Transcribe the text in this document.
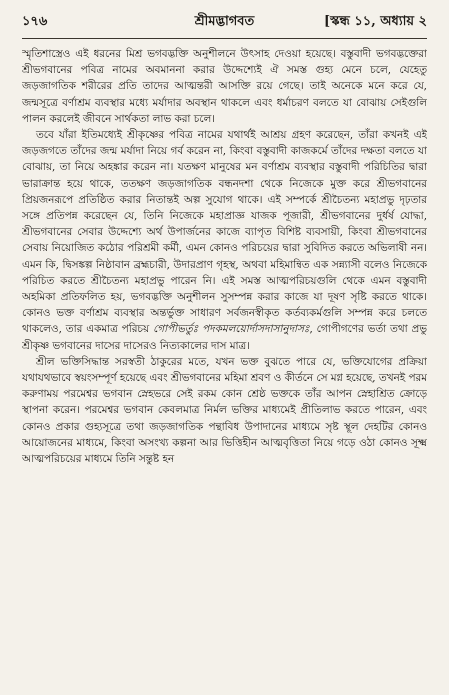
১৭৬	শ্রীমদ্ভাগবত	[স্কন্ধ ১১, অধ্যায় ২

স্মৃতিশাস্ত্রেও এই ধরনের মিশ্র ভগবদ্ভক্তি অনুশীলনে উৎসাহ দেওয়া হয়েছে। বস্তুবাদী ভগবদ্ভক্তেরা শ্রীভগবানের পবিত্র নামের অবমাননা করার উদ্দেশ্যেই ঐ সমস্ত গুহ্য মেনে চলে, যেহেতু জড়জাগতিক শরীরের প্রতি তাদের আত্মন্তরী আসক্তি রয়ে গেছে। তাই অনেকে মনে করে যে, জন্মসূত্রে বর্ণাশ্রম ব্যবস্থার মধ্যে মর্যাদার অবস্থান থাকলে এবং ধর্মাচরণ বলতে যা বোঝায় সেইগুলি পালন করলেই জীবনে সার্থকতা লাভ করা চলে।

তবে যাঁরা ইতিমধ্যেই শ্রীকৃষ্ণের পবিত্র নামের যথার্থই আশ্রয় গ্রহণ করেছেন, তাঁরা কখনই এই জড়জগতে তাঁদের জন্ম মর্যাদা নিয়ে গর্ব করেন না, কিংবা বস্তুবাদী কাজকর্মে তাঁদের দক্ষতা বলতে যা বোঝায়, তা নিয়ে অহঙ্কার করেন না। যতক্ষণ মানুষের মন বর্ণাশ্রম ব্যবস্থার বস্তুবাদী পরিচিতির দ্বারা ভারাক্রান্ত হয়ে থাকে, ততক্ষণ জড়জাগতিক বন্ধনদশা থেকে নিজেকে মুক্ত করে শ্রীভগবানের প্রিয়জনরূপে প্রতিষ্ঠিত করার নিতান্তই অল্প সুযোগ থাকে। এই সম্পর্কে শ্রীচৈতন্য মহাপ্রভু দৃঢ়তার সঙ্গে প্রতিপন্ন করেছেন যে, তিনি নিজেকে মহাপ্রাজ্ঞ যাজক পূজারী, শ্রীভগবানের দুর্ধর্ষ যোদ্ধা, শ্রীভগবানের সেবার উদ্দেশ্যে অর্থ উপার্জনের কাজে ব্যাপৃত বিশিষ্ট ব্যবসায়ী, কিংবা শ্রীভগবানের সেবায় নিয়োজিত কঠোর পরিশ্রমী কর্মী, এমন কোনও পরিচয়ের দ্বারা সুবিদিত করতে অভিলাষী নন। এমন কি, দ্বিসঙ্কল্প নিষ্ঠাবান ব্রহ্মচারী, উদারপ্রাণ গৃহস্থ, অথবা মহিমান্বিত এক সন্ন্যাসী বলেও নিজেকে পরিচিত করতে শ্রীচৈতন্য মহাপ্রভু পারেন নি। এই সমস্ত আত্মপরিচয়গুলি থেকে এমন বস্তুবাদী অহমিকা প্রতিফলিত হয়, ভগবদ্ভক্তি অনুশীলন সুসম্পন্ন করার কাজে যা দূষণ সৃষ্টি করতে থাকে। কোনও ভক্ত বর্ণাশ্রম ব্যবস্থার অন্তর্ভুক্ত সাধারণ সর্বজনস্বীকৃত কর্তব্যকর্মগুলি সম্পন্ন করে চলতে থাকলেও, তার একমাত্র পরিচয় গোপীভর্তুঃ পদকমলয়োর্দাসদাসানুদাসঃ, গোপীগণের ভর্তা তথা প্রভু শ্রীকৃষ্ণ ভগবানের দাসের দাসেরও নিত্যকালের দাস মাত্র।

শ্রীল ভক্তিসিদ্ধান্ত সরস্বতী ঠাকুরের মতে, যখন ভক্ত বুঝতে পারে যে, ভক্তিযোগের প্রক্রিয়া যথাযথভাবে স্বয়ংসম্পূর্ণ হয়েছে এবং শ্রীভগবানের মহিমা শ্রবণ ও কীর্তনে সে মগ্ন হয়েছে, তখনই পরম করুণাময় পরমেশ্বর ভগবান স্নেহভরে সেই রকম কোন শ্রেষ্ঠ ভক্তকে তাঁর আপন স্নেহাশ্রিত ক্রোড়ে স্থাপনা করেন। পরমেশ্বর ভগবান কেবলমাত্র নির্মল ভক্তির মাধ্যমেই প্রীতিলাভ করতে পারেন, এবং কোনও প্রকার গুহ্যসূত্রে তথা জড়জাগতিক পন্থাবিধ উপাদানের মাধ্যমে সৃষ্ট স্থূল দেহটির কোনও আয়োজনের মাধ্যমে, কিংবা অসংখ্য কল্পনা আর ভিত্তিহীন আত্মবৃত্তিতা নিয়ে গড়ে ওঠা কোনও সূক্ষ্ম আত্মপরিচয়ের মাধ্যমে তিনি সন্তুষ্ট হন
